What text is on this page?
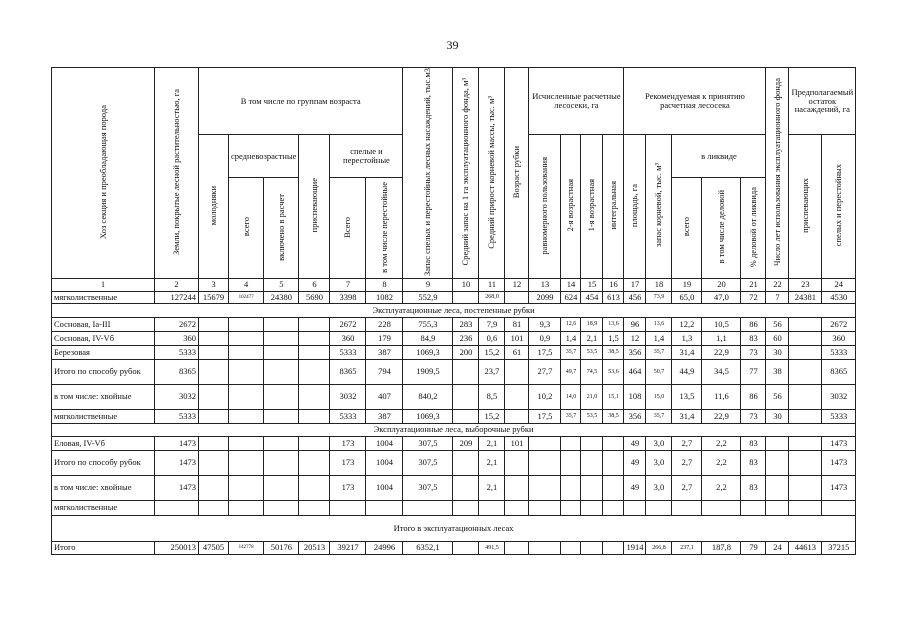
39
Хоз секция и преобладающая порода	Земли, покрытые лесной растительностью, га	В том числе по группам возраста						Запас спелых и перестойных лесных насаждений, тыс.м3	Средний запас на 1 га эксплуатационного фонда, м³	Средний прирост корневой массы, тыс. м³	Возраст рубки	Исчисленные расчетные лесосеки, га				Рекомендуемая к принятию расчетная лесосека					Число лет использования эксплуатационного фонда	Предполагаемый остаток насаждений, га	
		молодняки	средневозрастные		приспевающие	спелые и перестойные						равномерного пользования	2-я возрастная	1-я возрастная	интегральная	площадь, га	запас корневой, тыс. м³	в ликвиде				приспевающих	спелых и перестойных
			всего	включено в расчет		Всего	в том числе перестойные											всего	в том числе деловой	% деловой от ликвида			
1	2	3	4	5	6	7	8	9	10	11	12	13	14	15	16	17	18	19	20	21	22	23	24
мягколиственные	127244	15679	102477	24380	5690	3398	1082	552,9		268,0		2099	624	454	613	456	73,9	65,0	47,0	72	7	24381	4530
Эксплуатационные леса, постепенные рубки																							
Сосновая, Iа-III	2672					2672	228	755,3	283	7,9	81	9,3	12,6	18,9	13,6	96	13,6	12,2	10,5	86	56		2672
Сосновая, IV-Vб	360					360	179	84,9	236	0,6	101	0,9	1,4	2,1	1,5	12	1,4	1,3	1,1	83	60		360
Березовая	5333					5333	387	1069,3	200	15,2	61	17,5	35,7	53,5	38,5	356	35,7	31,4	22,9	73	30		5333
Итого по способу рубок	8365					8365	794	1909,5		23,7		27,7	49,7	74,5	53,6	464	50,7	44,9	34,5	77	38		8365
в том числе: хвойные	3032					3032	407	840,2		8,5		10,2	14,0	21,0	15,1	108	15,0	13,5	11,6	86	56		3032
мягколиственные	5333					5333	387	1069,3		15,2		17,5	35,7	53,5	38,5	356	35,7	31,4	22,9	73	30		5333
Эксплуатационные леса, выборочные рубки																							
Еловая, IV-Vб	1473					173	1004	307,5	209	2,1	101					49	3,0	2,7	2,2	83			1473
Итого по способу рубок	1473					173	1004	307,5		2,1						49	3,0	2,7	2,2	83			1473
в том числе: хвойные	1473					173	1004	307,5		2,1						49	3,0	2,7	2,2	83			1473
мягколиственные																							
Итого в эксплуатационных лесах																							
Итого	250013	47505	142778	50176	20513	39217	24996	6352,1		491,5						1914	266,8	237,1	187,8	79	24	44613	37215
